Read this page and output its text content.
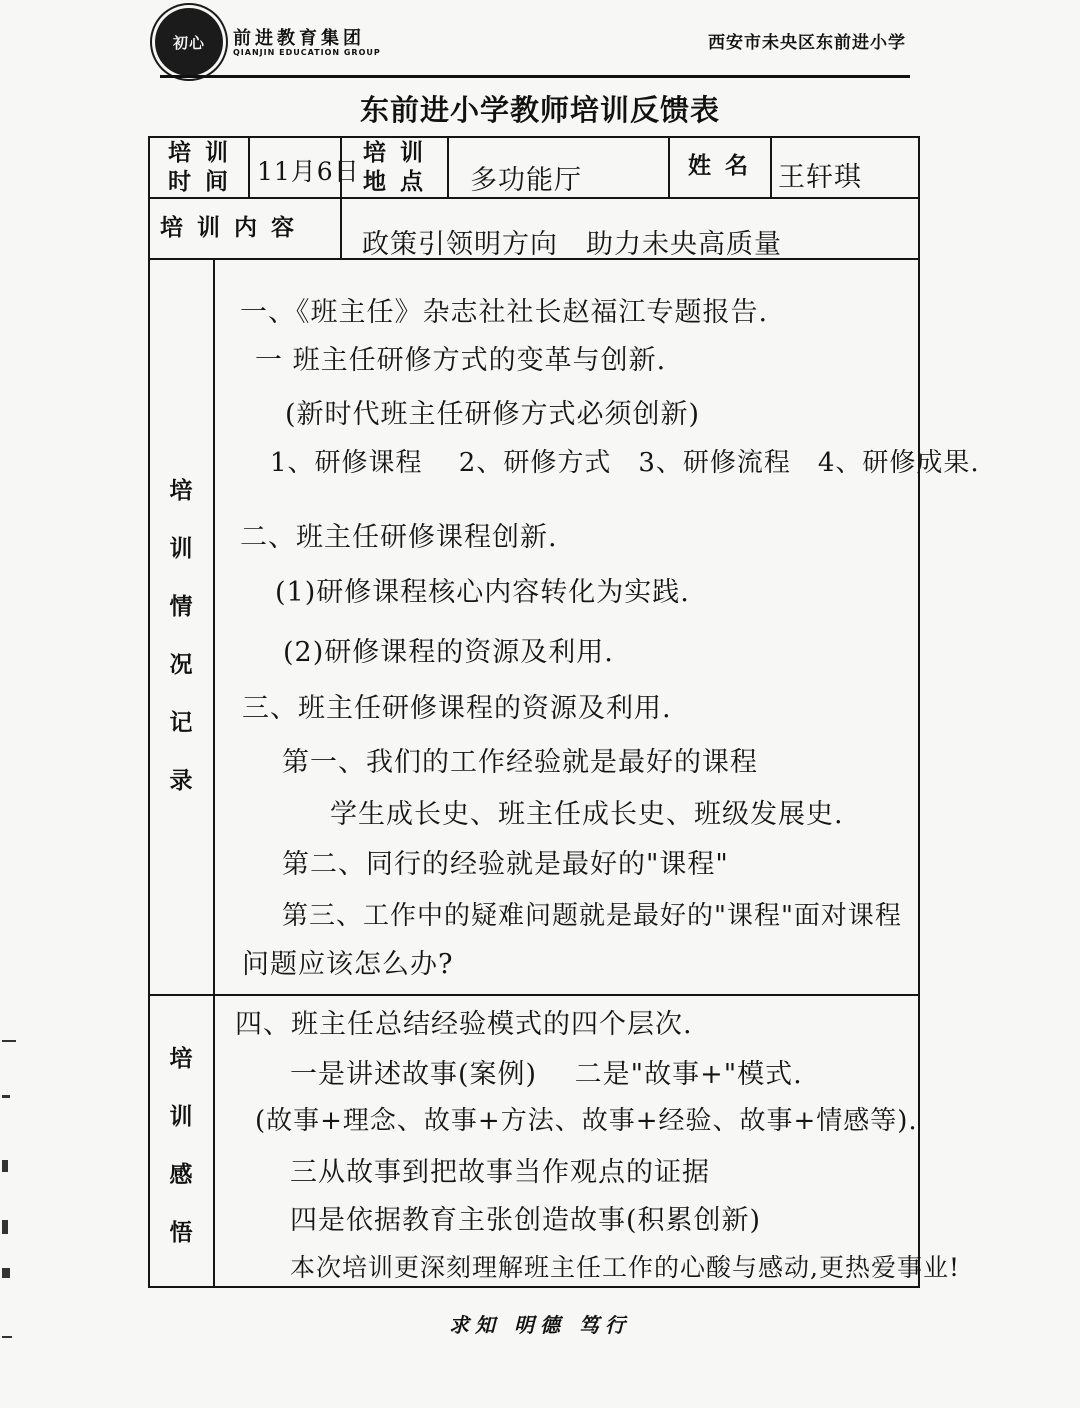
初心 前进教育集团
QIANJIN EDUCATION GROUP	西安市未央区东前进小学
东前进小学教师培训反馈表
培训
时间 11月6日
培训
地点 多功能厅	姓名 王轩琪
培训内容
政策引领明方向　助力未央高质量
培
训
情
况
记
录
培
训
感
悟
一、《班主任》杂志社社长赵福江专题报告.
一 班主任研修方式的变革与创新.
(新时代班主任研修方式必须创新)
1、研修课程　 2、研修方式　3、研修流程　4、研修成果.
二、班主任研修课程创新.
(1)研修课程核心内容转化为实践.
(2)研修课程的资源及利用.
三、班主任研修课程的资源及利用.
第一、我们的工作经验就是最好的课程
学生成长史、班主任成长史、班级发展史.
第二、同行的经验就是最好的"课程"
第三、工作中的疑难问题就是最好的"课程"面对课程
问题应该怎么办?
四、班主任总结经验模式的四个层次.
一是讲述故事(案例)　 二是"故事+"模式.
(故事+理念、故事+方法、故事+经验、故事+情感等).
三从故事到把故事当作观点的证据
四是依据教育主张创造故事(积累创新)
本次培训更深刻理解班主任工作的心酸与感动,更热爱事业!
求知 明德 笃行
